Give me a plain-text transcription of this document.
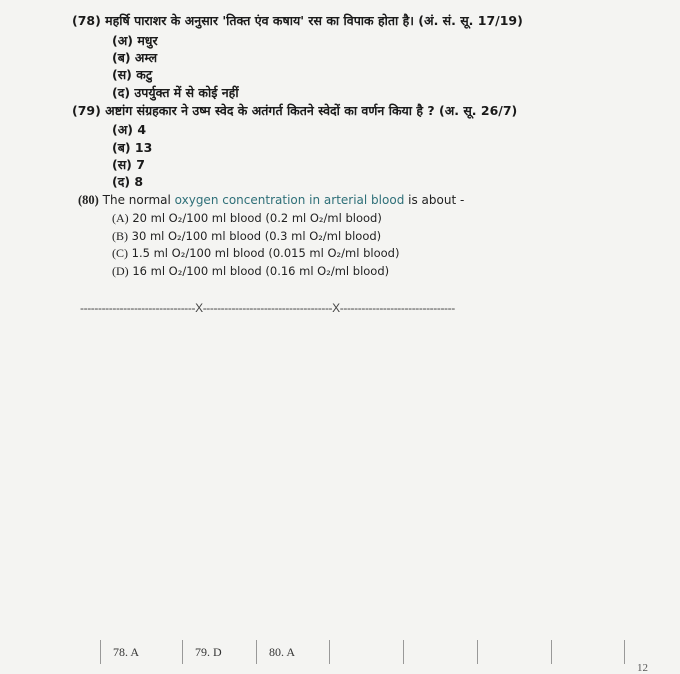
(78) महर्षि पाराशर के अनुसार 'तिक्त एंव कषाय' रस का विपाक होता है। (अं. सं. सू. 17/19)
(अ) मधुर
(ब) अम्ल
(स) कटु
(द) उपर्युक्त में से कोई नहीं
(79) अष्टांग संग्रहकार ने उष्म स्वेद के अतंगर्त कितने स्वेदों का वर्णन किया है ? (अ. सू. 26/7)
(अ) 4
(ब) 13
(स) 7
(द) 8
(80) The normal oxygen concentration in arterial blood is about -
(A) 20 ml O₂/100 ml blood (0.2 ml O₂/ml blood)
(B) 30 ml O₂/100 ml blood (0.3 ml O₂/ml blood)
(C) 1.5 ml O₂/100 ml blood (0.015 ml O₂/ml blood)
(D) 16 ml O₂/100 ml blood (0.16 ml O₂/ml blood)
--------------------------------X------------------------------------X--------------------------------
78. A	79. D	80. A
12
